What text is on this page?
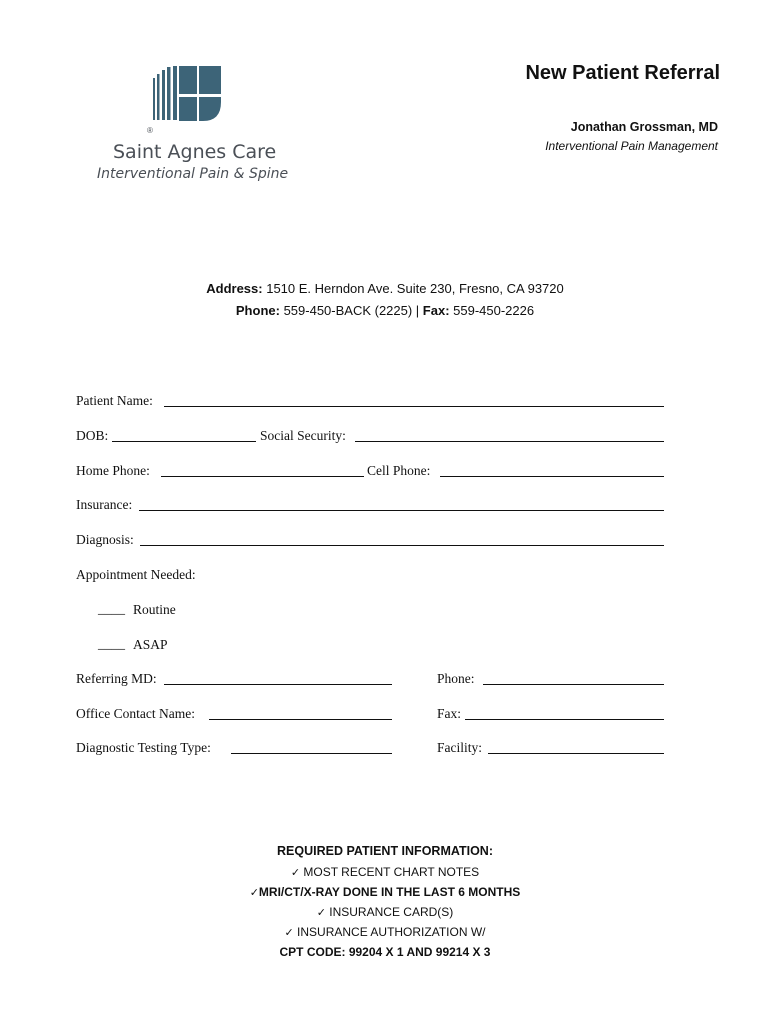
®
Saint Agnes Care
Interventional Pain & Spine
New Patient Referral
Jonathan Grossman, MD
Interventional Pain Management
Address: 1510 E. Herndon Ave. Suite 230, Fresno, CA 93720
Phone: 559-450-BACK (2225) | Fax: 559-450-2226
Patient Name:
DOB:	Social Security:
Home Phone:	Cell Phone:
Insurance:
Diagnosis:
Appointment Needed:
____ Routine
____ ASAP
Referring MD:	Phone:
Office Contact Name:	Fax:
Diagnostic Testing Type:	Facility:
REQUIRED PATIENT INFORMATION:
✓ MOST RECENT CHART NOTES
✓MRI/CT/X-RAY DONE IN THE LAST 6 MONTHS
✓ INSURANCE CARD(S)
✓ INSURANCE AUTHORIZATION W/
CPT CODE: 99204 X 1 AND 99214 X 3
